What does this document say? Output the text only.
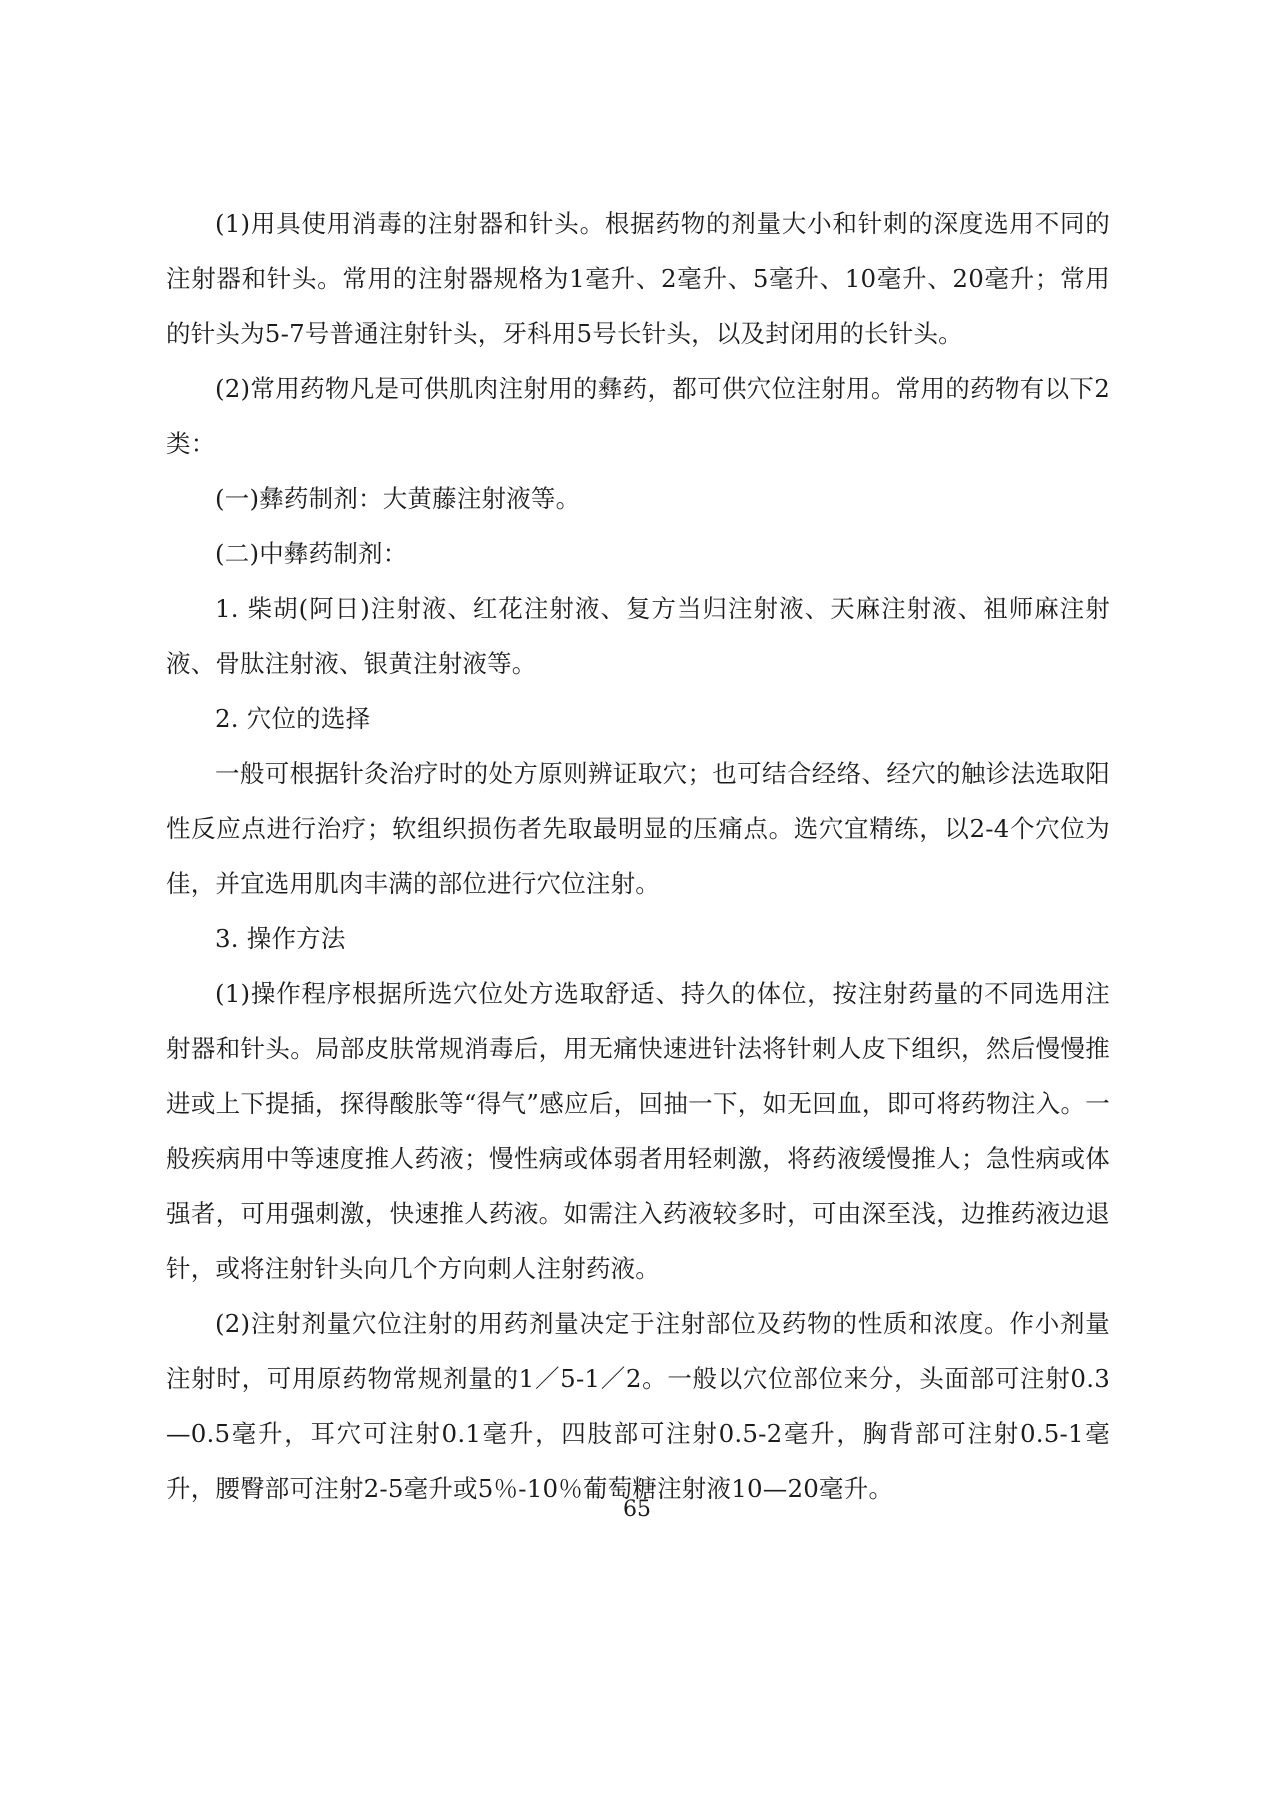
(1)用具使用消毒的注射器和针头。根据药物的剂量大小和针刺的深度选用不同的注射器和针头。常用的注射器规格为1毫升、2毫升、5毫升、10毫升、20毫升；常用的针头为5-7号普通注射针头，牙科用5号长针头，以及封闭用的长针头。

(2)常用药物凡是可供肌肉注射用的彝药，都可供穴位注射用。常用的药物有以下2类：

(一)彝药制剂：大黄藤注射液等。

(二)中彝药制剂：

1. 柴胡(阿日)注射液、红花注射液、复方当归注射液、天麻注射液、祖师麻注射液、骨肽注射液、银黄注射液等。

2. 穴位的选择

一般可根据针灸治疗时的处方原则辨证取穴；也可结合经络、经穴的触诊法选取阳性反应点进行治疗；软组织损伤者先取最明显的压痛点。选穴宜精练，以2-4个穴位为佳，并宜选用肌肉丰满的部位进行穴位注射。

3. 操作方法

(1)操作程序根据所选穴位处方选取舒适、持久的体位，按注射药量的不同选用注射器和针头。局部皮肤常规消毒后，用无痛快速进针法将针刺人皮下组织，然后慢慢推进或上下提插，探得酸胀等“得气”感应后，回抽一下，如无回血，即可将药物注入。一般疾病用中等速度推人药液；慢性病或体弱者用轻刺激，将药液缓慢推人；急性病或体强者，可用强刺激，快速推人药液。如需注入药液较多时，可由深至浅，边推药液边退针，或将注射针头向几个方向刺人注射药液。

(2)注射剂量穴位注射的用药剂量决定于注射部位及药物的性质和浓度。作小剂量注射时，可用原药物常规剂量的1／5-1／2。一般以穴位部位来分，头面部可注射0.3—0.5毫升，耳穴可注射0.1毫升，四肢部可注射0.5-2毫升，胸背部可注射0.5-1毫升，腰臀部可注射2-5毫升或5％-10％葡萄糖注射液10—20毫升。

65
